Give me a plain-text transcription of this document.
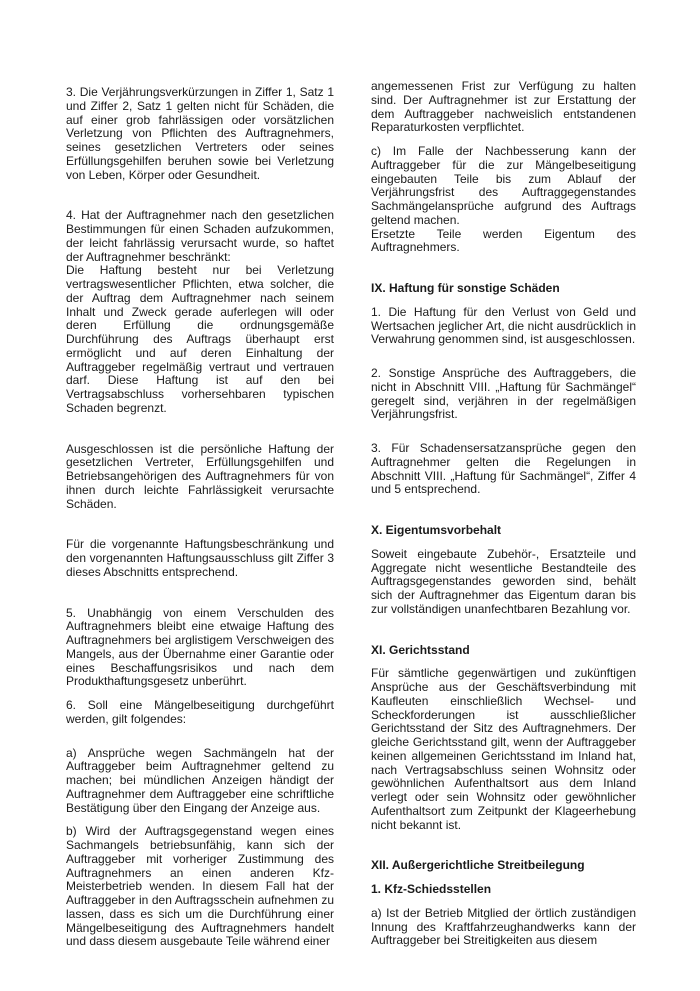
3. Die Verjährungsverkürzungen in Ziffer 1, Satz 1 und Ziffer 2, Satz 1 gelten nicht für Schäden, die auf einer grob fahrlässigen oder vorsätzlichen Verletzung von Pflichten des Auftragnehmers, seines gesetzlichen Vertreters oder seines Erfüllungsgehilfen beruhen sowie bei Verletzung von Leben, Körper oder Gesundheit.

4. Hat der Auftragnehmer nach den gesetzlichen Bestimmungen für einen Schaden aufzukommen, der leicht fahrlässig verursacht wurde, so haftet der Auftragnehmer beschränkt:

Die Haftung besteht nur bei Verletzung vertragswesentlicher Pflichten, etwa solcher, die der Auftrag dem Auftragnehmer nach seinem Inhalt und Zweck gerade auferlegen will oder deren Erfüllung die ordnungsgemäße Durchführung des Auftrags überhaupt erst ermöglicht und auf deren Einhaltung der Auftraggeber regelmäßig vertraut und vertrauen darf. Diese Haftung ist auf den bei Vertragsabschluss vorhersehbaren typischen Schaden begrenzt.

Ausgeschlossen ist die persönliche Haftung der gesetzlichen Vertreter, Erfüllungsgehilfen und Betriebsangehörigen des Auftragnehmers für von ihnen durch leichte Fahrlässigkeit verursachte Schäden.

Für die vorgenannte Haftungsbeschränkung und den vorgenannten Haftungsausschluss gilt Ziffer 3 dieses Abschnitts entsprechend.

5. Unabhängig von einem Verschulden des Auftragnehmers bleibt eine etwaige Haftung des Auftragnehmers bei arglistigem Verschweigen des Mangels, aus der Übernahme einer Garantie oder eines Beschaffungsrisikos und nach dem Produkthaftungsgesetz unberührt.

6. Soll eine Mängelbeseitigung durchgeführt werden, gilt folgendes:

a) Ansprüche wegen Sachmängeln hat der Auftraggeber beim Auftragnehmer geltend zu machen; bei mündlichen Anzeigen händigt der Auftragnehmer dem Auftraggeber eine schriftliche Bestätigung über den Eingang der Anzeige aus.

b) Wird der Auftragsgegenstand wegen eines Sachmangels betriebsunfähig, kann sich der Auftraggeber mit vorheriger Zustimmung des Auftragnehmers an einen anderen Kfz-Meisterbetrieb wenden. In diesem Fall hat der Auftraggeber in den Auftragsschein aufnehmen zu lassen, dass es sich um die Durchführung einer Mängelbeseitigung des Auftragnehmers handelt und dass diesem ausgebaute Teile während einer

angemessenen Frist zur Verfügung zu halten sind. Der Auftragnehmer ist zur Erstattung der dem Auftraggeber nachweislich entstandenen Reparaturkosten verpflichtet.

c) Im Falle der Nachbesserung kann der Auftraggeber für die zur Mängelbeseitigung eingebauten Teile bis zum Ablauf der Verjährungsfrist des Auftraggegenstandes Sachmängelansprüche aufgrund des Auftrags geltend machen.

Ersetzte Teile werden Eigentum des Auftragnehmers.

IX. Haftung für sonstige Schäden

1. Die Haftung für den Verlust von Geld und Wertsachen jeglicher Art, die nicht ausdrücklich in Verwahrung genommen sind, ist ausgeschlossen.

2. Sonstige Ansprüche des Auftraggebers, die nicht in Abschnitt VIII. „Haftung für Sachmängel“ geregelt sind, verjähren in der regelmäßigen Verjährungsfrist.

3. Für Schadensersatzansprüche gegen den Auftragnehmer gelten die Regelungen in Abschnitt VIII. „Haftung für Sachmängel“, Ziffer 4 und 5 entsprechend.

X. Eigentumsvorbehalt

Soweit eingebaute Zubehör-, Ersatzteile und Aggregate nicht wesentliche Bestandteile des Auftragsgegenstandes geworden sind, behält sich der Auftragnehmer das Eigentum daran bis zur vollständigen unanfechtbaren Bezahlung vor.

XI. Gerichtsstand

Für sämtliche gegenwärtigen und zukünftigen Ansprüche aus der Geschäftsverbindung mit Kaufleuten einschließlich Wechsel- und Scheckforderungen ist ausschließlicher Gerichtsstand der Sitz des Auftragnehmers. Der gleiche Gerichtsstand gilt, wenn der Auftraggeber keinen allgemeinen Gerichtsstand im Inland hat, nach Vertragsabschluss seinen Wohnsitz oder gewöhnlichen Aufenthaltsort aus dem Inland verlegt oder sein Wohnsitz oder gewöhnlicher Aufenthaltsort zum Zeitpunkt der Klageerhebung nicht bekannt ist.

XII. Außergerichtliche Streitbeilegung

1. Kfz-Schiedsstellen

a) Ist der Betrieb Mitglied der örtlich zuständigen Innung des Kraftfahrzeughandwerks kann der Auftraggeber bei Streitigkeiten aus diesem
